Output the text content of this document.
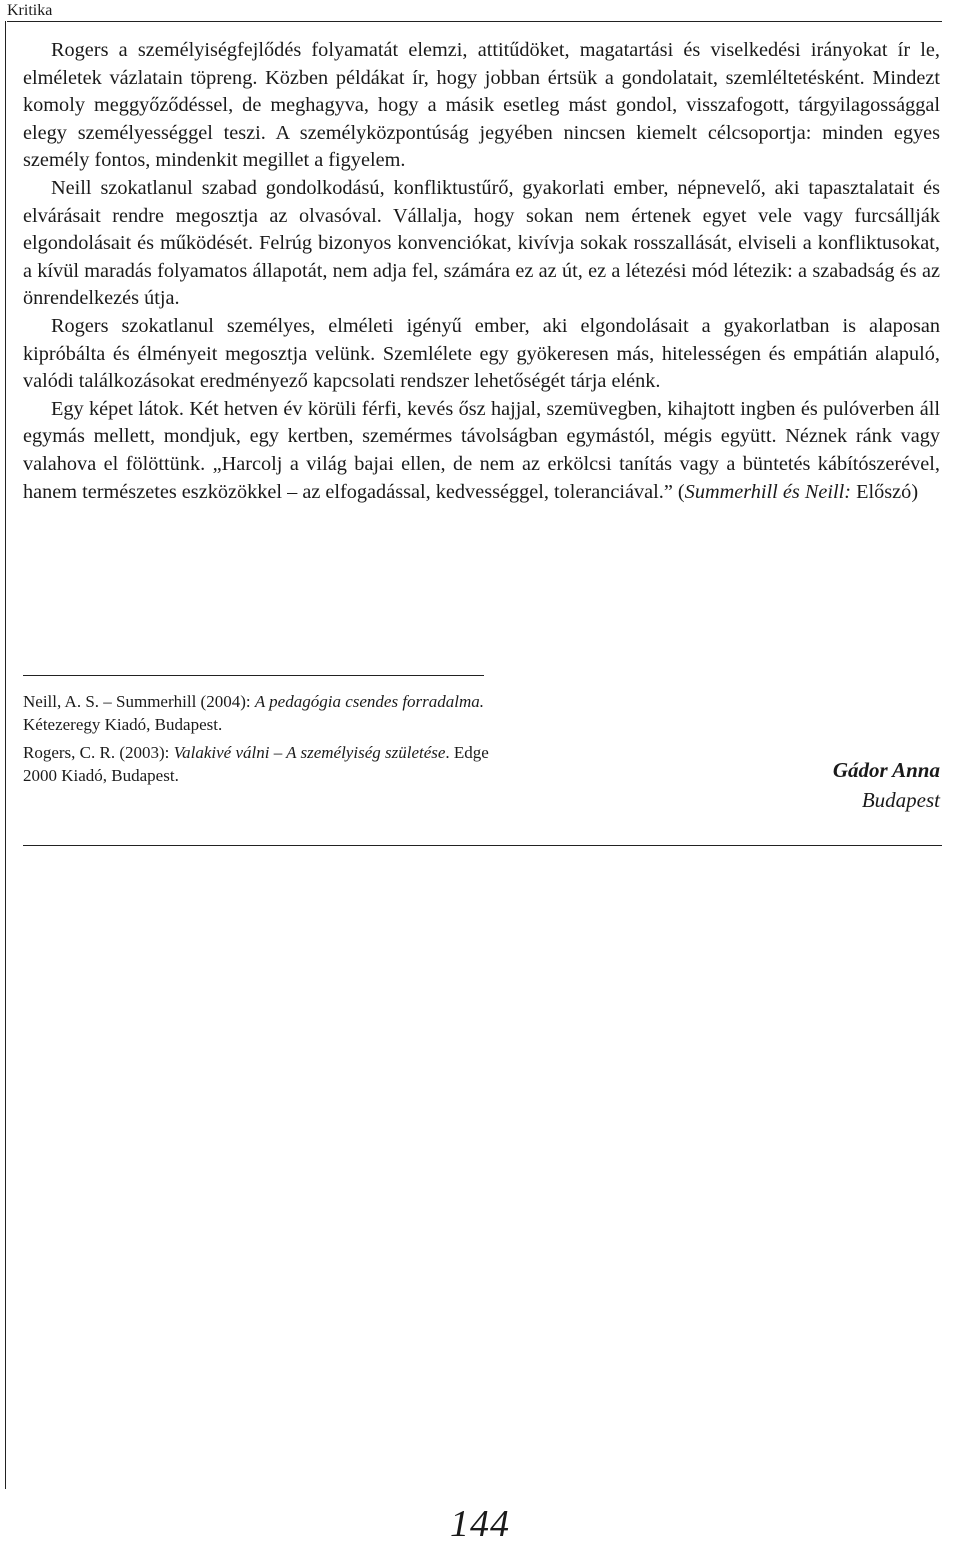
Kritika

Rogers a személyiségfejlődés folyamatát elemzi, attitűdöket, magatartási és viselkedési irányokat ír le, elméletek vázlatain töpreng. Közben példákat ír, hogy jobban értsük a gondolatait, szemléltetésként. Mindezt komoly meggyőződéssel, de meghagyva, hogy a másik esetleg mást gondol, visszafogott, tárgyilagossággal elegy személyességgel teszi. A személyközpontúság jegyében nincsen kiemelt célcsoportja: minden egyes személy fontos, mindenkit megillet a figyelem.

Neill szokatlanul szabad gondolkodású, konfliktustűrő, gyakorlati ember, népnevelő, aki tapasztalatait és elvárásait rendre megosztja az olvasóval. Vállalja, hogy sokan nem értenek egyet vele vagy furcsállják elgondolásait és működését. Felrúg bizonyos konvenciókat, kivívja sokak rosszallását, elviseli a konfliktusokat, a kívül maradás folyamatos állapotát, nem adja fel, számára ez az út, ez a létezési mód létezik: a szabadság és az önrendelkezés útja.

Rogers szokatlanul személyes, elméleti igényű ember, aki elgondolásait a gyakorlatban is alaposan kipróbálta és élményeit megosztja velünk. Szemlélete egy gyökeresen más, hitelességen és empátián alapuló, valódi találkozásokat eredményező kapcsolati rendszer lehetőségét tárja elénk.

Egy képet látok. Két hetven év körüli férfi, kevés ősz hajjal, szemüvegben, kihajtott ingben és pulóverben áll egymás mellett, mondjuk, egy kertben, szemérmes távolságban egymástól, mégis együtt. Néznek ránk vagy valahova el fölöttünk. „Harcolj a világ bajai ellen, de nem az erkölcsi tanítás vagy a büntetés kábítószerével, hanem természetes eszközökkel – az elfogadással, kedvességgel, toleranciával.” (Summerhill és Neill: Előszó)

Neill, A. S. – Summerhill (2004): A pedagógia csendes forradalma. Kétezeregy Kiadó, Budapest.

Rogers, C. R. (2003): Valakivé válni – A személyiség születése. Edge 2000 Kiadó, Budapest.	Gádor Anna
Budapest
144
